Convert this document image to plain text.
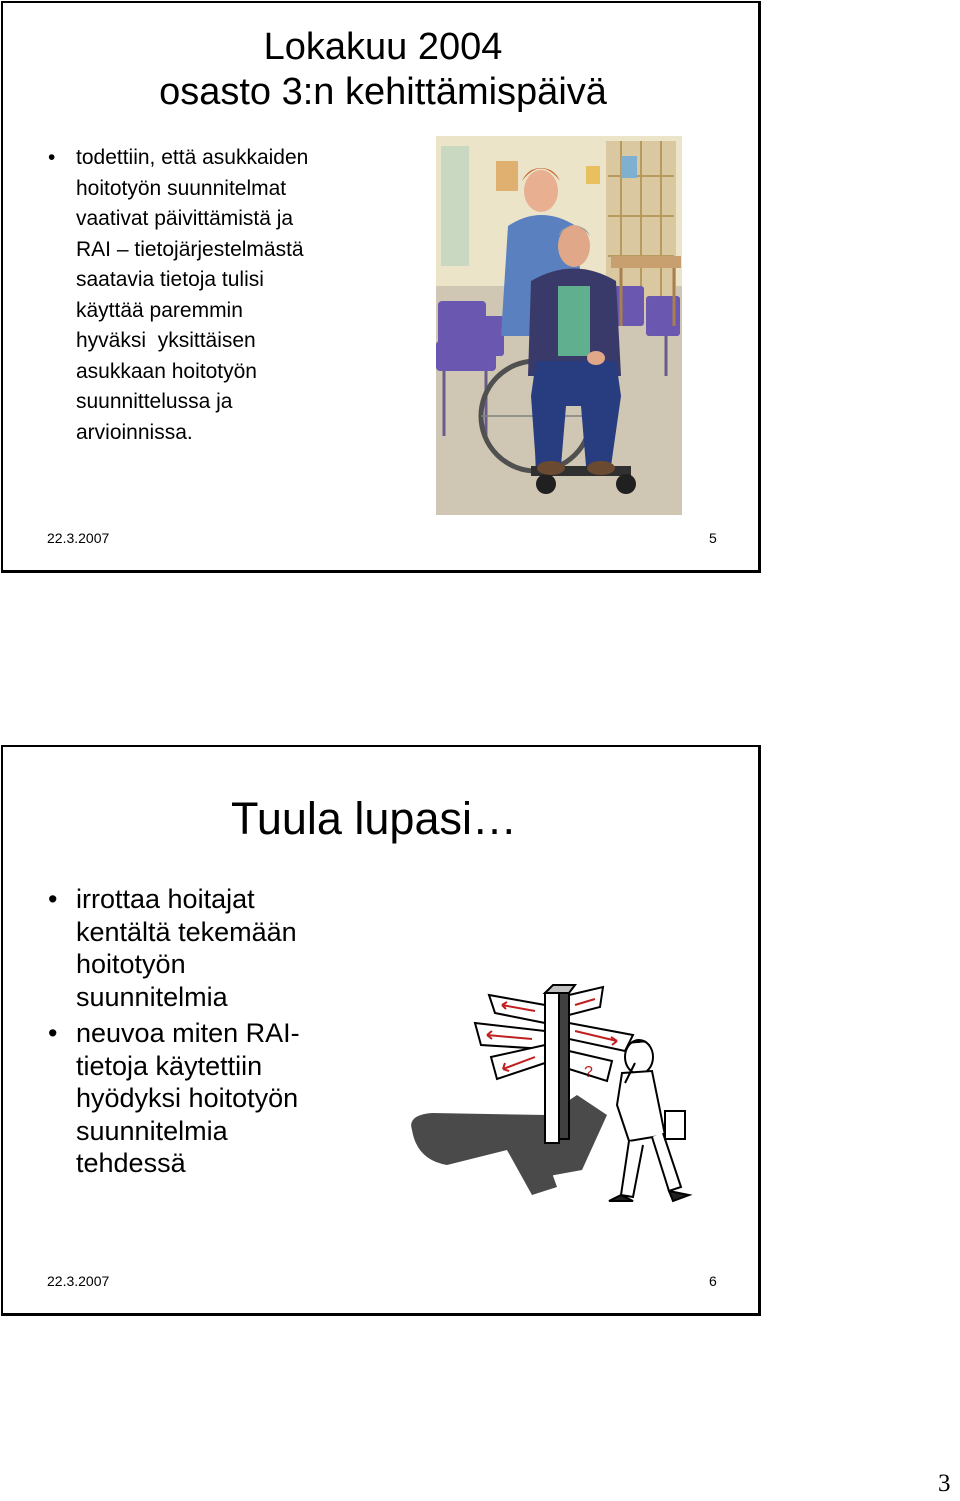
Lokakuu 2004
osasto 3:n kehittämispäivä
• todettiin, että asukkaiden
hoitotyön suunnitelmat
vaativat päivittämistä ja
RAI – tietojärjestelmästä
saatavia tietoja tulisi
käyttää paremmin
hyväksi  yksittäisen
asukkaan hoitotyön
suunnittelussa ja
arvioinnissa.
22.3.2007	5
Tuula lupasi…
• irrottaa hoitajat
kentältä tekemään
hoitotyön
suunnitelmia
• neuvoa miten RAI-
tietoja käytettiin
hyödyksi hoitotyön
suunnitelmia
tehdessä
?
22.3.2007	6
3
